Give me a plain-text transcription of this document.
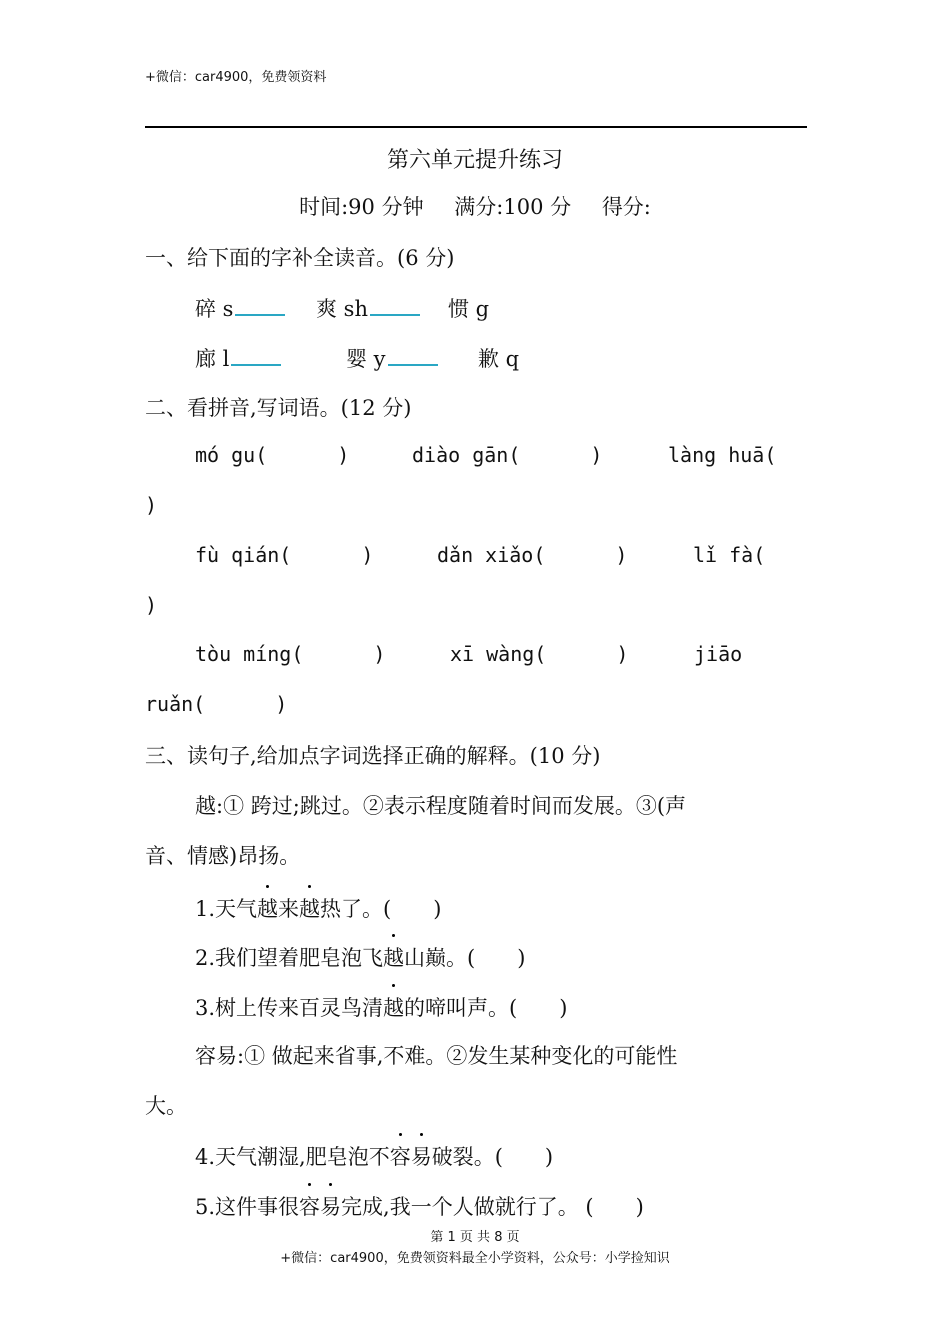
+微信：car4900，免费领资料
第六单元提升练习
时间:90 分钟 满分:100 分 得分:
一、给下面的字补全读音。(6 分)
碎 s	爽 sh	惯 g
廊 l	婴 y	歉 q
二、看拼音,写词语。(12 分)
mó gu(	)	diào gān(	)	làng huā(
)
fù qián(	)	dǎn xiǎo(	)	lǐ fà(
)
tòu míng(	)	xī wàng(	)	jiāo
ruǎn(	)
三、读句子,给加点字词选择正确的解释。(10 分)
越:① 跨过;跳过。②表示程度随着时间而发展。③(声
音、情感)昂扬。
1.天气越来越热了。( )
2.我们望着肥皂泡飞越山巅。( )
3.树上传来百灵鸟清越的啼叫声。( )
容易:① 做起来省事,不难。②发生某种变化的可能性
大。
4.天气潮湿,肥皂泡不容易破裂。( )
5.这件事很容易完成,我一个人做就行了。 ( )
第 1 页 共 8 页
+微信：car4900，免费领资料最全小学资料，公众号：小学捡知识
